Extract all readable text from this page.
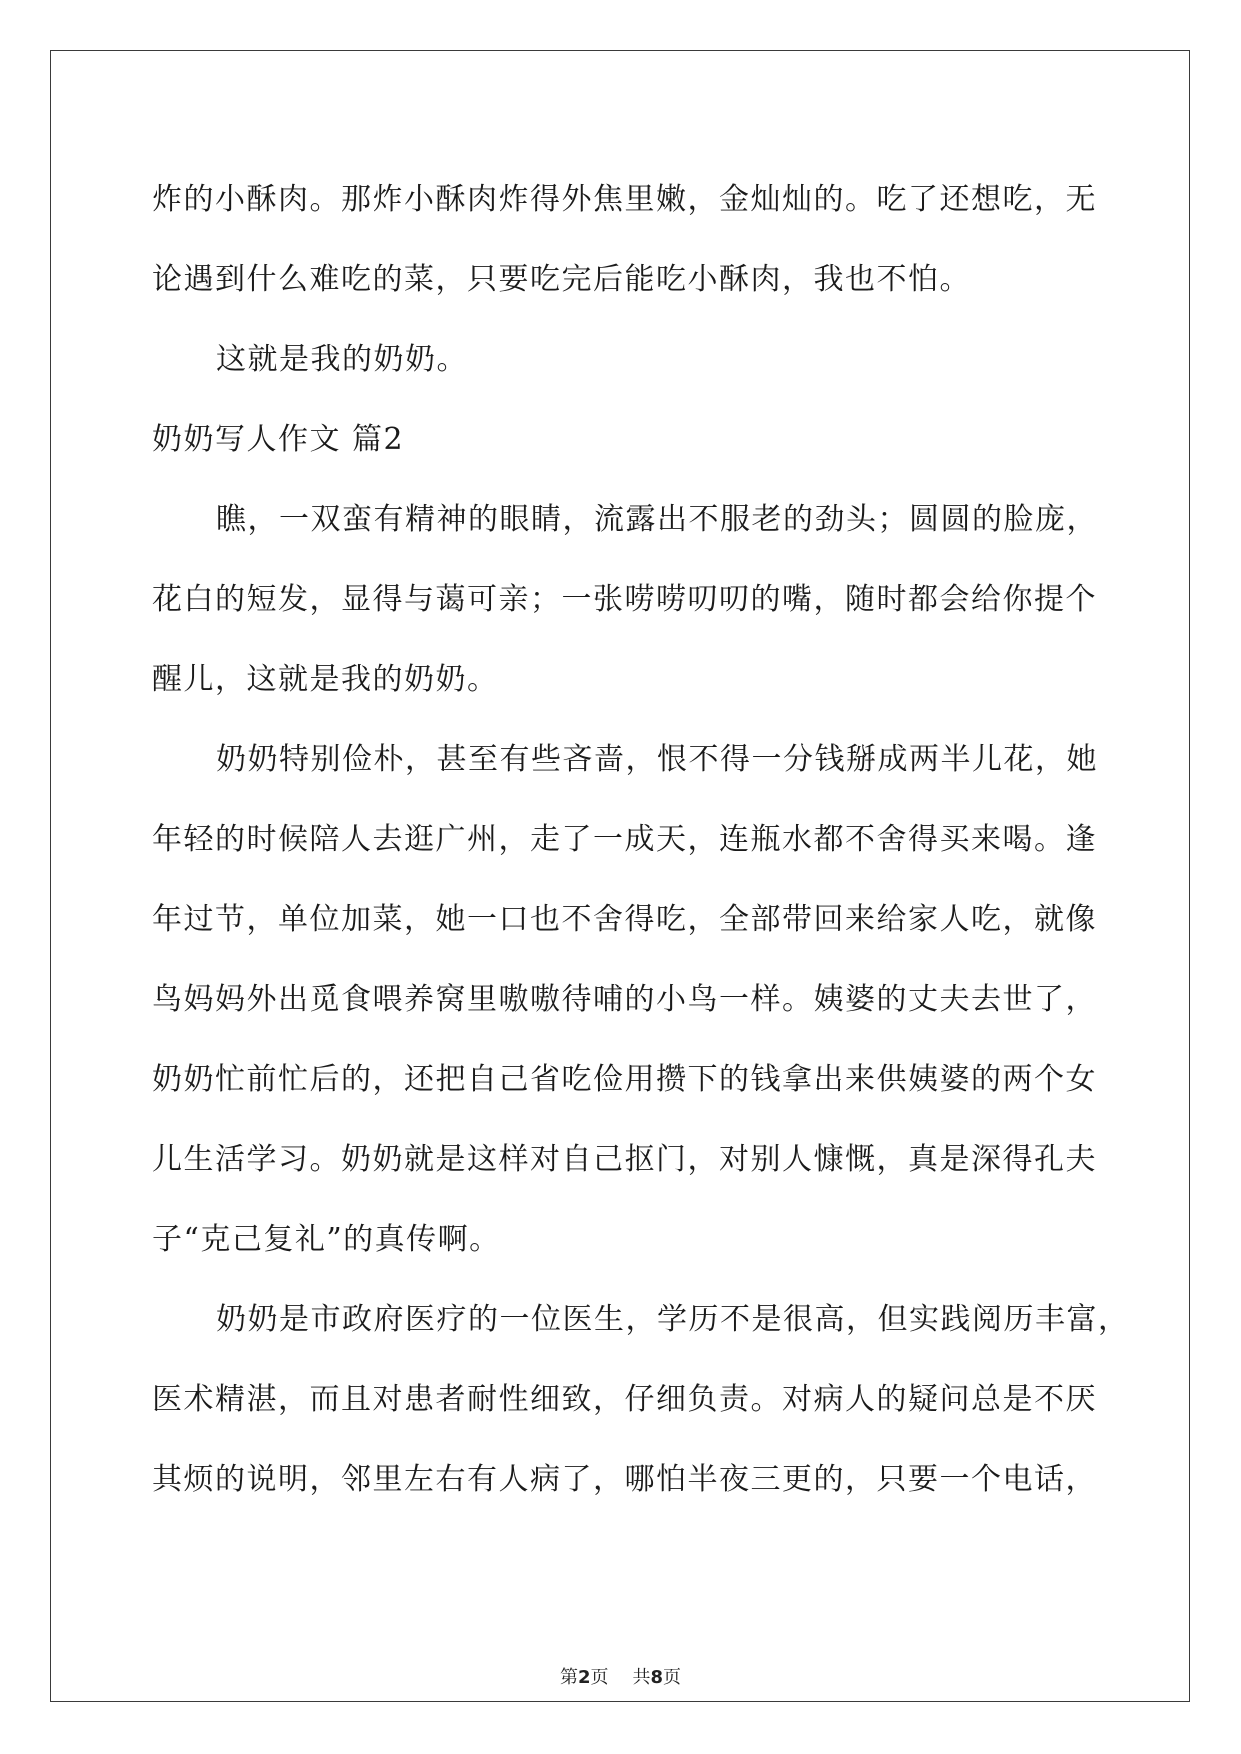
炸的小酥肉。那炸小酥肉炸得外焦里嫩，金灿灿的。吃了还想吃，无
论遇到什么难吃的菜，只要吃完后能吃小酥肉，我也不怕。
这就是我的奶奶。
奶奶写人作文 篇2
瞧，一双蛮有精神的眼睛，流露出不服老的劲头；圆圆的脸庞，
花白的短发，显得与蔼可亲；一张唠唠叨叨的嘴，随时都会给你提个
醒儿，这就是我的奶奶。
奶奶特别俭朴，甚至有些吝啬，恨不得一分钱掰成两半儿花，她
年轻的时候陪人去逛广州，走了一成天，连瓶水都不舍得买来喝。逢
年过节，单位加菜，她一口也不舍得吃，全部带回来给家人吃，就像
鸟妈妈外出觅食喂养窝里嗷嗷待哺的小鸟一样。姨婆的丈夫去世了，
奶奶忙前忙后的，还把自己省吃俭用攒下的钱拿出来供姨婆的两个女
儿生活学习。奶奶就是这样对自己抠门，对别人慷慨，真是深得孔夫
子“克己复礼”的真传啊。
奶奶是市政府医疗的一位医生，学历不是很高，但实践阅历丰富，
医术精湛，而且对患者耐性细致，仔细负责。对病人的疑问总是不厌
其烦的说明，邻里左右有人病了，哪怕半夜三更的，只要一个电话，
第2页 共8页
